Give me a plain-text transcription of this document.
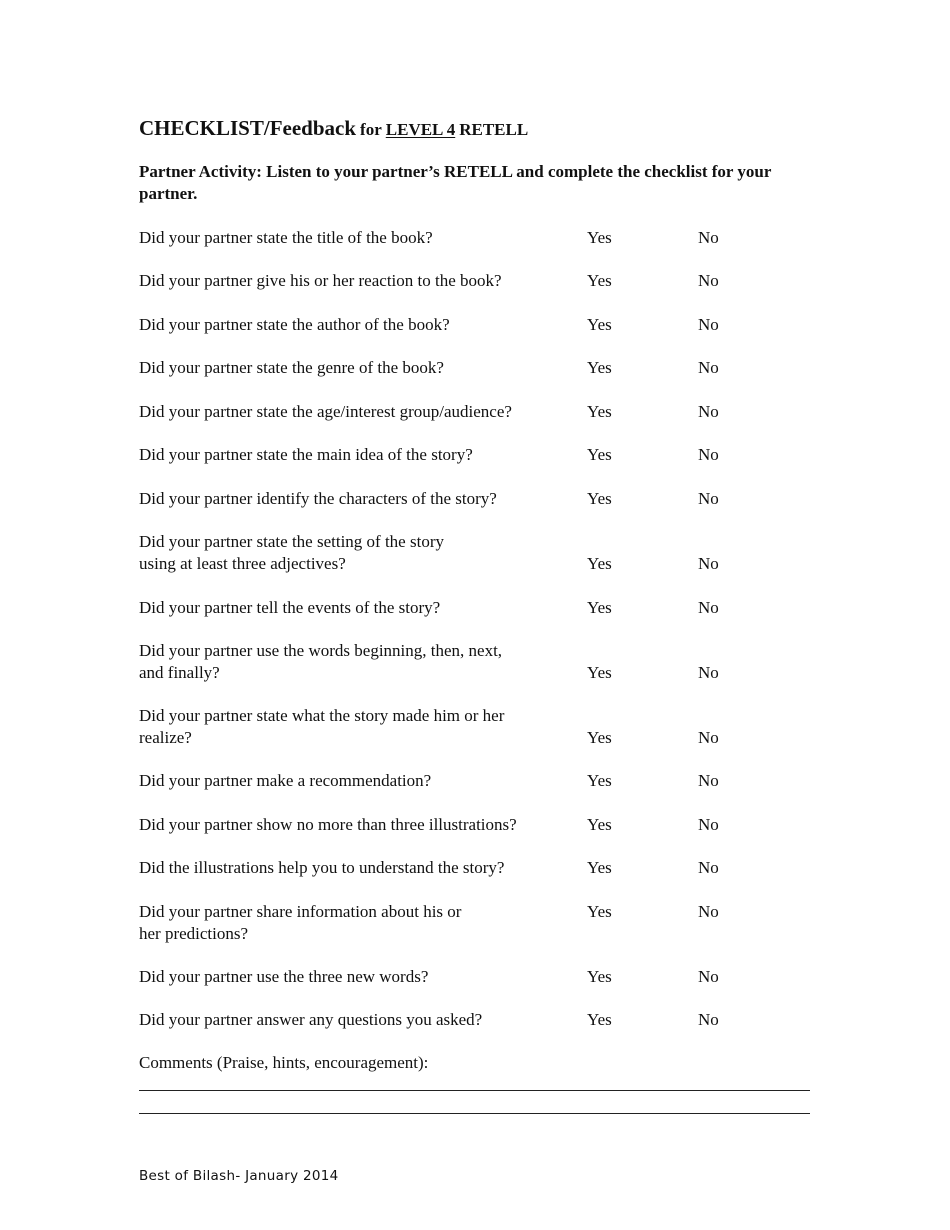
CHECKLIST/Feedback for LEVEL 4 RETELL
Partner Activity: Listen to your partner’s RETELL and complete the checklist for your partner.
Did your partner state the title of the book?	Yes	No
Did your partner give his or her reaction to the book?	Yes	No
Did your partner state the author of the book?	Yes	No
Did your partner state the genre of the book?	Yes	No
Did your partner state the age/interest group/audience?	Yes	No
Did your partner state the main idea of the story?	Yes	No
Did your partner identify the characters of the story?	Yes	No
Did your partner state the setting of the story
using at least three adjectives?	Yes	No
Did your partner tell the events of the story?	Yes	No
Did your partner use the words beginning, then, next,
and finally?	Yes	No
Did your partner state what the story made him or her
realize?	Yes	No
Did your partner make a recommendation?	Yes	No
Did your partner show no more than three illustrations?	Yes	No
Did the illustrations help you to understand the story?	Yes	No
Did your partner share information about his or
her predictions?
Yes	No
Did your partner use the three new words?	Yes	No
Did your partner answer any questions you asked?	Yes	No
Comments (Praise, hints, encouragement):
Best of Bilash- January 2014
